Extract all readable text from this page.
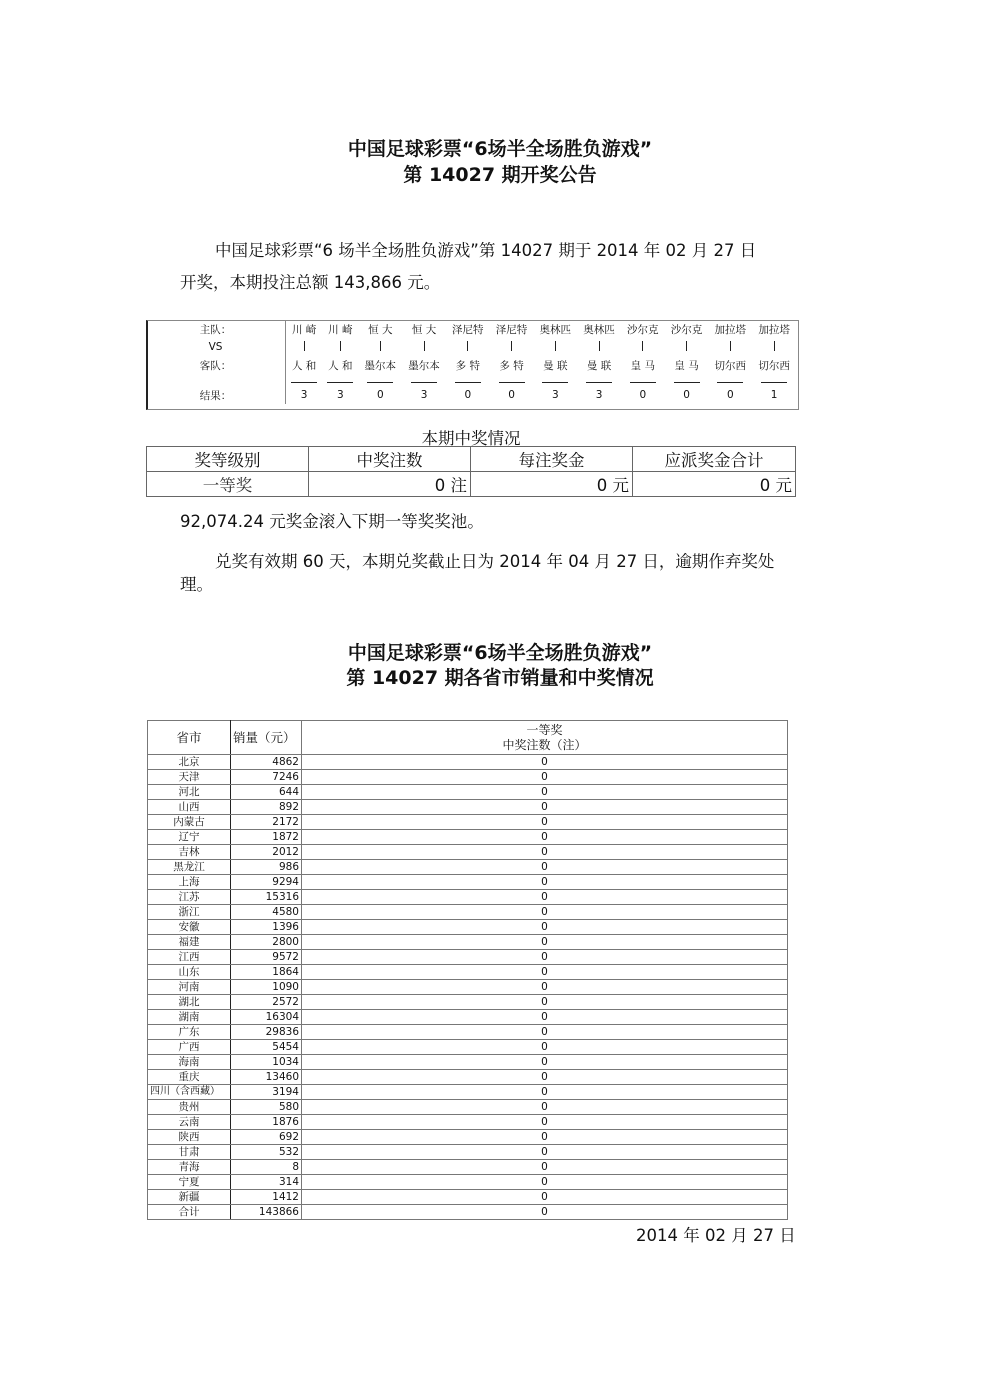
中国足球彩票“6场半全场胜负游戏”
第 14027 期开奖公告
中国足球彩票“6 场半全场胜负游戏”第 14027 期于 2014 年 02 月 27 日
开奖，本期投注总额 143,866 元。
主队：	川 崎	川 崎	恒 大	恒 大	泽尼特	泽尼特	奥林匹	奥林匹	沙尔克	沙尔克	加拉塔	加拉塔
VS												
客队：	人 和	人 和	墨尔本	墨尔本	多 特	多 特	曼 联	曼 联	皇 马	皇 马	切尔西	切尔西

结果：	3	3	0	3	0	0	3	3	0	0	0	1
本期中奖情况
奖等级别	中奖注数	每注奖金	应派奖金合计
一等奖	0 注	0 元	0 元
92,074.24 元奖金滚入下期一等奖奖池。
兑奖有效期 60 天，本期兑奖截止日为 2014 年 04 月 27 日，逾期作弃奖处
理。
中国足球彩票“6场半全场胜负游戏”
第 14027 期各省市销量和中奖情况
省市	销量（元）	一等奖
中奖注数（注）

北京	4862	0
天津	7246	0
河北	644	0
山西	892	0
内蒙古	2172	0
辽宁	1872	0
吉林	2012	0
黑龙江	986	0
上海	9294	0
江苏	15316	0
浙江	4580	0
安徽	1396	0
福建	2800	0
江西	9572	0
山东	1864	0
河南	1090	0
湖北	2572	0
湖南	16304	0
广东	29836	0
广西	5454	0
海南	1034	0
重庆	13460	0
四川（含西藏）	3194	0
贵州	580	0
云南	1876	0
陕西	692	0
甘肃	532	0
青海	8	0
宁夏	314	0
新疆	1412	0
合计	143866	0
2014 年 02 月 27 日
